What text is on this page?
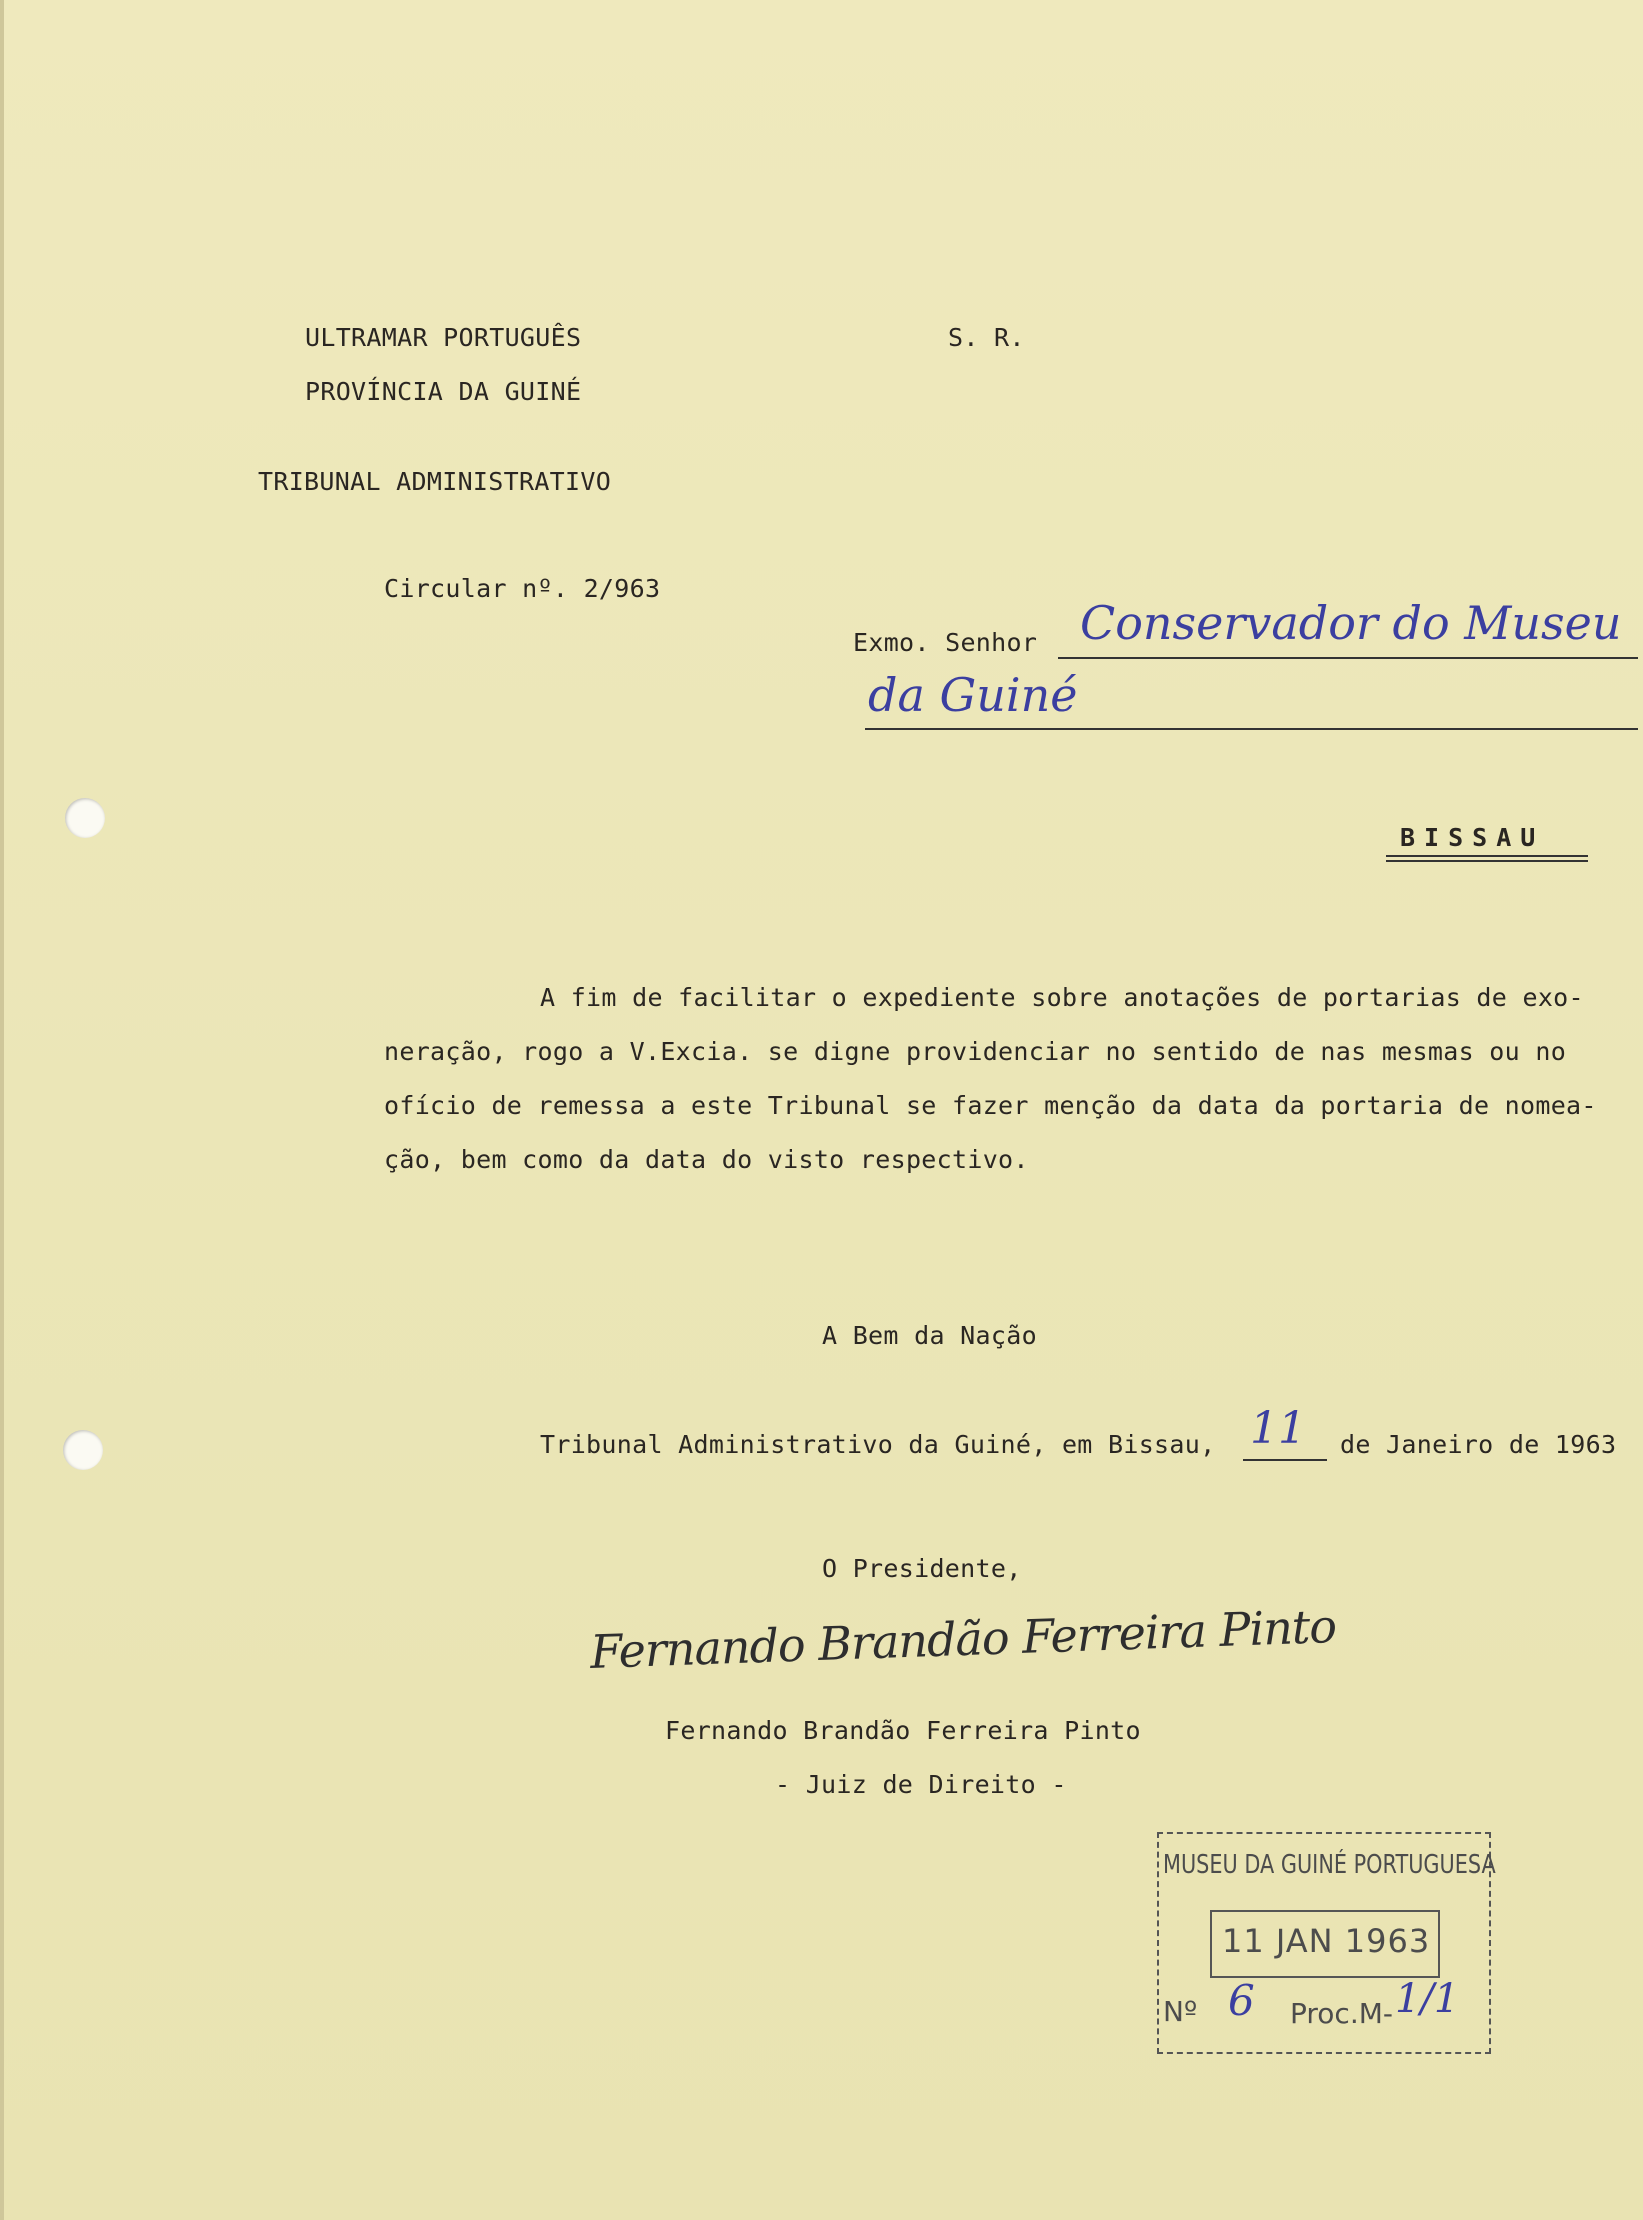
ULTRAMAR PORTUGUÊS
PROVÍNCIA DA GUINÉ
S. R.
TRIBUNAL ADMINISTRATIVO
Circular nº. 2/963
Exmo. Senhor Conservador do Museu
da Guiné
BISSAU
A fim de facilitar o expediente sobre anotações de portarias de exo-
neração, rogo a V.Excia. se digne providenciar no sentido de nas mesmas ou no
ofício de remessa a este Tribunal se fazer menção da data da portaria de nomea-
ção, bem como da data do visto respectivo.
A Bem da Nação
Tribunal Administrativo da Guiné, em Bissau, 11 de Janeiro de 1963
O Presidente,
Fernando Brandão Ferreira Pinto
Fernando Brandão Ferreira Pinto
- Juiz de Direito -
MUSEU DA GUINÉ PORTUGUESA
11 JAN 1963
Nº 6 Proc.M- 1/1
